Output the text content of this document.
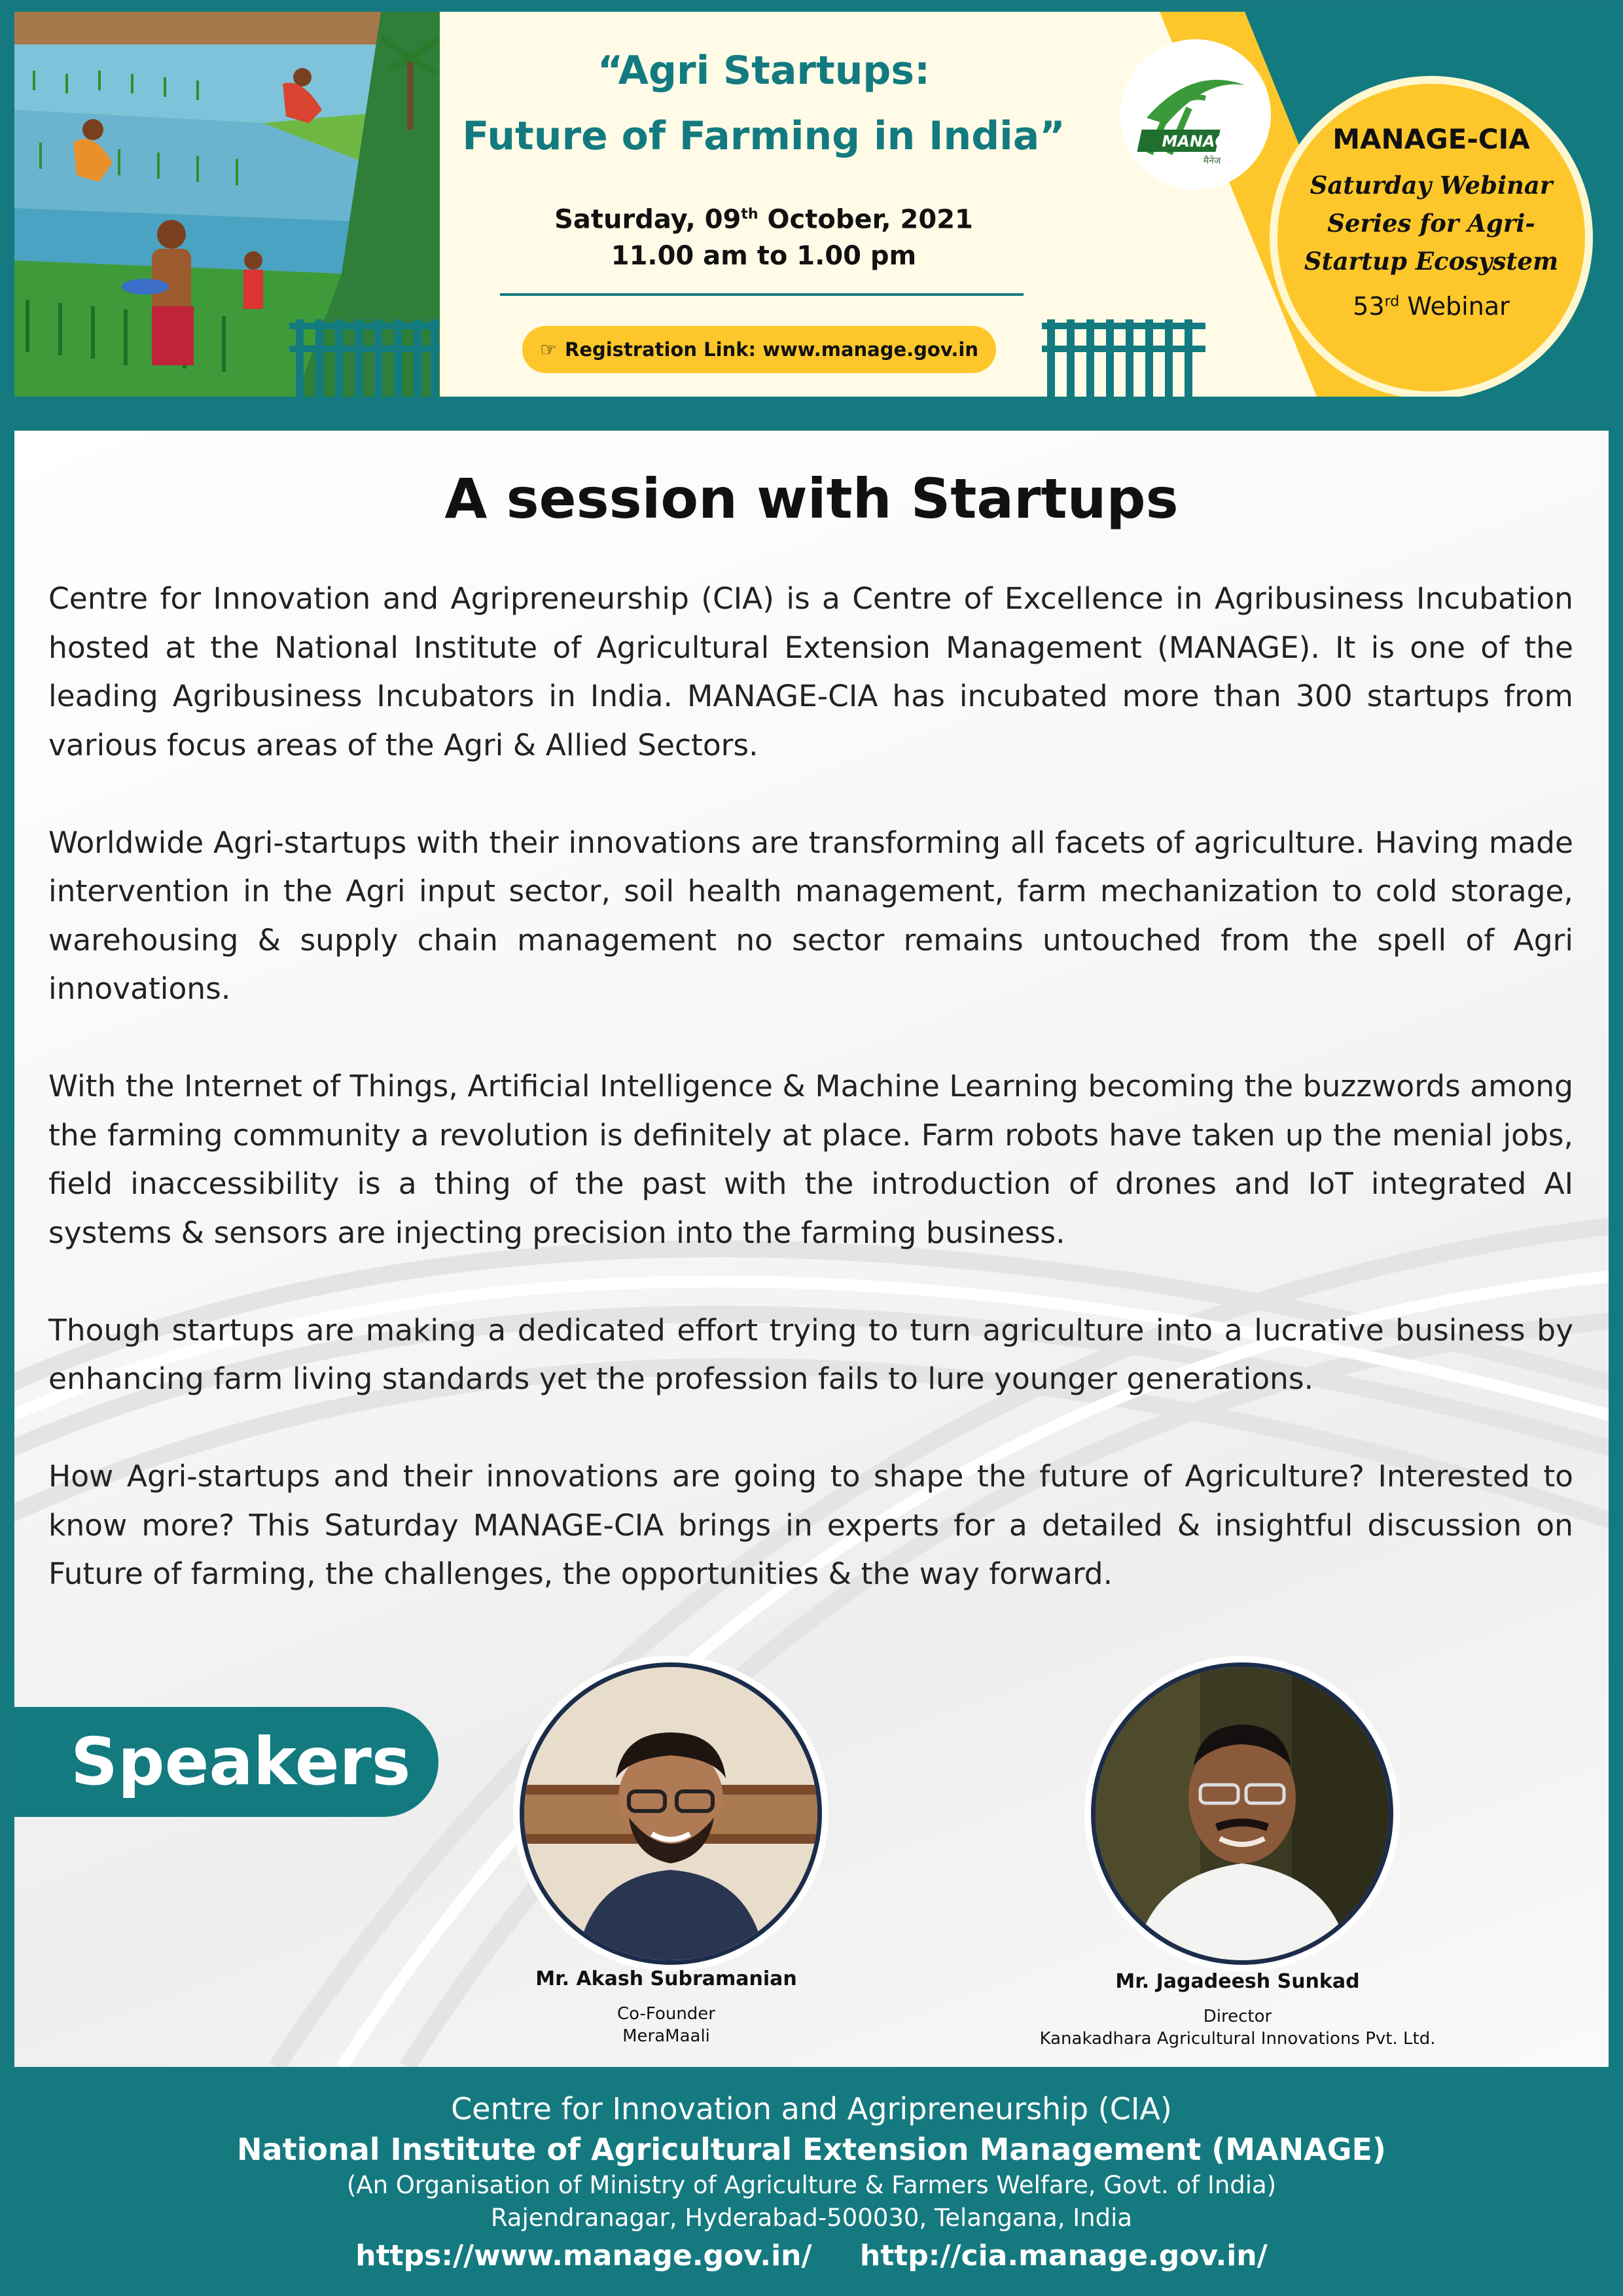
“Agri Startups:
Future of Farming in India”
Saturday, 09th October, 2021
11.00 am to 1.00 pm
☞ Registration Link: www.manage.gov.in
MANAGE
मैनेज
MANAGE-CIA
Saturday Webinar Series for Agri-Startup Ecosystem
53rd Webinar
A session with Startups

Centre for Innovation and Agripreneurship (CIA) is a Centre of Excellence in Agribusiness Incubation hosted at the National Institute of Agricultural Extension Management (MANAGE). It is one of the leading Agribusiness Incubators in India. MANAGE-CIA has incubated more than 300 startups from various focus areas of the Agri & Allied Sectors.

Worldwide Agri-startups with their innovations are transforming all facets of agriculture. Having made intervention in the Agri input sector, soil health management, farm mechanization to cold storage, warehousing & supply chain management no sector remains untouched from the spell of Agri innovations.

With the Internet of Things, Artificial Intelligence & Machine Learning becoming the buzzwords among the farming community a revolution is definitely at place. Farm robots have taken up the menial jobs, field inaccessibility is a thing of the past with the introduction of drones and IoT integrated AI systems & sensors are injecting precision into the farming business.

Though startups are making a dedicated effort trying to turn agriculture into a lucrative business by enhancing farm living standards yet the profession fails to lure younger generations.

How Agri-startups and their innovations are going to shape the future of Agriculture? Interested to know more? This Saturday MANAGE-CIA brings in experts for a detailed & insightful discussion on Future of farming, the challenges, the opportunities & the way forward.

Speakers
Mr. Akash Subramanian
Co-Founder
MeraMaali
Mr. Jagadeesh Sunkad
Director
Kanakadhara Agricultural Innovations Pvt. Ltd.
Centre for Innovation and Agripreneurship (CIA)
National Institute of Agricultural Extension Management (MANAGE)
(An Organisation of Ministry of Agriculture & Farmers Welfare, Govt. of India)
Rajendranagar, Hyderabad-500030, Telangana, India
https://www.manage.gov.in/ http://cia.manage.gov.in/
